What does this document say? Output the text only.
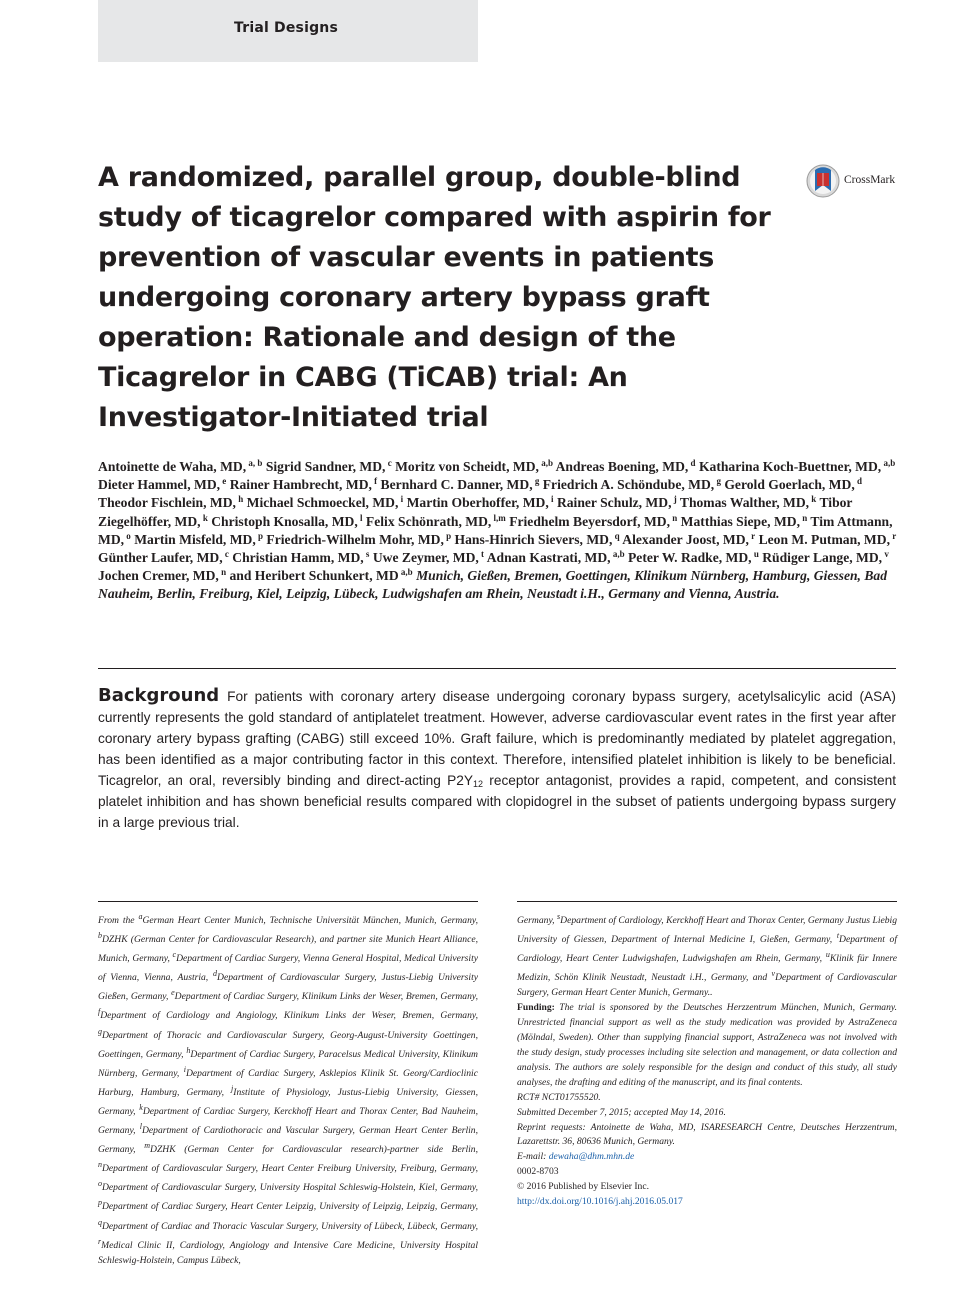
Trial Designs
A randomized, parallel group, double-blind study of ticagrelor compared with aspirin for prevention of vascular events in patients undergoing coronary artery bypass graft operation: Rationale and design of the Ticagrelor in CABG (TiCAB) trial: An Investigator-Initiated trial
CrossMark
Antoinette de Waha, MD, $^{a, b}$ Sigrid Sandner, MD, $^c$ Moritz von Scheidt, MD, $^{a,b}$ Andreas Boening, MD, $^d$ Katharina Koch-Buettner, MD, $^{a,b}$ Dieter Hammel, MD, $^e$ Rainer Hambrecht, MD, $^f$ Bernhard C. Danner, MD, $^g$ Friedrich A. Schöndube, MD, $^g$ Gerold Goerlach, MD, $^d$ Theodor Fischlein, MD, $^h$ Michael Schmoeckel, MD, $^i$ Martin Oberhoffer, MD, $^i$ Rainer Schulz, MD, $^j$ Thomas Walther, MD, $^k$ Tibor Ziegelhöffer, MD, $^k$ Christoph Knosalla, MD, $^l$ Felix Schönrath, MD, $^{l,m}$ Friedhelm Beyersdorf, MD, $^n$ Matthias Siepe, MD, $^n$ Tim Attmann, MD, $^o$ Martin Misfeld, MD, $^p$ Friedrich-Wilhelm Mohr, MD, $^p$ Hans-Hinrich Sievers, MD, $^q$ Alexander Joost, MD, $^r$ Leon M. Putman, MD, $^r$ Günther Laufer, MD, $^c$ Christian Hamm, MD, $^s$ Uwe Zeymer, MD, $^t$ Adnan Kastrati, MD, $^{a,b}$ Peter W. Radke, MD, $^u$ Rüdiger Lange, MD, $^v$ Jochen Cremer, MD, $^n$ and Heribert Schunkert, MD $^{a,b}$ Munich, Gießen, Bremen, Goettingen, Klinikum Nürnberg, Hamburg, Giessen, Bad Nauheim, Berlin, Freiburg, Kiel, Leipzig, Lübeck, Ludwigshafen am Rhein, Neustadt i.H., Germany and Vienna, Austria.

Background For patients with coronary artery disease undergoing coronary bypass surgery, acetylsalicylic acid (ASA) currently represents the gold standard of antiplatelet treatment. However, adverse cardiovascular event rates in the first year after coronary artery bypass grafting (CABG) still exceed 10%. Graft failure, which is predominantly mediated by platelet aggregation, has been identified as a major contributing factor in this context. Therefore, intensified platelet inhibition is likely to be beneficial. Ticagrelor, an oral, reversibly binding and direct-acting $P2Y_{12}$ receptor antagonist, provides a rapid, competent, and consistent platelet inhibition and has shown beneficial results compared with clopidogrel in the subset of patients undergoing bypass surgery in a large previous trial.

From the $^a$German Heart Center Munich, Technische Universität München, Munich, Germany, $^b$DZHK (German Center for Cardiovascular Research), and partner site Munich Heart Alliance, Munich, Germany, $^c$Department of Cardiac Surgery, Vienna General Hospital, Medical University of Vienna, Vienna, Austria, $^d$Department of Cardiovascular Surgery, Justus-Liebig University Gießen, Germany, $^e$Department of Cardiac Surgery, Klinikum Links der Weser, Bremen, Germany, $^f$Department of Cardiology and Angiology, Klinikum Links der Weser, Bremen, Germany, $^g$Department of Thoracic and Cardiovascular Surgery, Georg-August-University Goettingen, Goettingen, Germany, $^h$Department of Cardiac Surgery, Paracelsus Medical University, Klinikum Nürnberg, Germany, $^i$Department of Cardiac Surgery, Asklepios Klinik St. Georg/Cardioclinic Harburg, Hamburg, Germany, $^j$Institute of Physiology, Justus-Liebig University, Giessen, Germany, $^k$Department of Cardiac Surgery, Kerckhoff Heart and Thorax Center, Bad Nauheim, Germany, $^l$Department of Cardiothoracic and Vascular Surgery, German Heart Center Berlin, Germany, $^m$DZHK (German Center for Cardiovascular research)-partner side Berlin, $^n$Department of Cardiovascular Surgery, Heart Center Freiburg University, Freiburg, Germany, $^o$Department of Cardiovascular Surgery, University Hospital Schleswig-Holstein, Kiel, Germany, $^p$Department of Cardiac Surgery, Heart Center Leipzig, University of Leipzig, Leipzig, Germany, $^q$Department of Cardiac and Thoracic Vascular Surgery, University of Lübeck, Lübeck, Germany, $^r$Medical Clinic II, Cardiology, Angiology and Intensive Care Medicine, University Hospital Schleswig-Holstein, Campus Lübeck,

Germany, $^s$Department of Cardiology, Kerckhoff Heart and Thorax Center, Germany Justus Liebig University of Giessen, Department of Internal Medicine I, Gießen, Germany, $^t$Department of Cardiology, Heart Center Ludwigshafen, Ludwigshafen am Rhein, Germany, $^u$Klinik für Innere Medizin, Schön Klinik Neustadt, Neustadt i.H., Germany, and $^v$Department of Cardiovascular Surgery, German Heart Center Munich, Germany..

Funding: The trial is sponsored by the Deutsches Herzzentrum München, Munich, Germany. Unrestricted financial support as well as the study medication was provided by AstraZeneca (Mölndal, Sweden). Other than supplying financial support, AstraZeneca was not involved with the study design, study processes including site selection and management, or data collection and analysis. The authors are solely responsible for the design and conduct of this study, all study analyses, the drafting and editing of the manuscript, and its final contents.

RCT# NCT01755520.

Submitted December 7, 2015; accepted May 14, 2016.

Reprint requests: Antoinette de Waha, MD, ISARESEARCH Centre, Deutsches Herzzentrum, Lazarettstr. 36, 80636 Munich, Germany.

E-mail: dewaha@dhm.mhn.de

0002-8703

© 2016 Published by Elsevier Inc.

http://dx.doi.org/10.1016/j.ahj.2016.05.017
